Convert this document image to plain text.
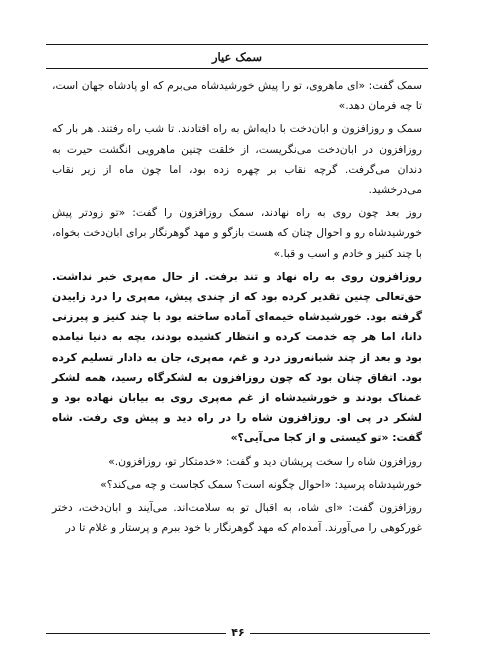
سمک عیار

سمک گفت: «ای ماهروی، تو را پیش خورشیدشاه می‌برم که او پادشاه جهان است، تا چه فرمان دهد.»

سمک و روزافزون و ابان‌دخت با دایه‌اش به راه افتادند. تا شب راه رفتند. هر بار که روزافزون در ابان‌دخت می‌نگریست، از خلقت چنین ماهرویی انگشت حیرت به دندان می‌گرفت. گرچه نقاب بر چهره زده بود، اما چون ماه از زیر نقاب می‌درخشید.

روز بعد چون روی به راه نهادند، سمک روزافزون را گفت: «تو زودتر پیش خورشیدشاه رو و احوال چنان که هست بازگو و مهد گوهرنگار برای ابان‌دخت بخواه، با چند کنیز و خادم و اسب و قبا.»

روزافزون روی به راه نهاد و تند برفت. از حال مه‌پری خبر نداشت. حق‌تعالی چنین تقدیر کرده بود که از چندی پیش، مه‌پری را درد زاییدن گرفته بود. خورشیدشاه خیمه‌ای آماده ساخته بود با چند کنیز و پیرزنی دانا، اما هر چه خدمت کرده و انتظار کشیده بودند، بچه به دنیا نیامده بود و بعد از چند شبانه‌روز درد و غم، مه‌پری، جان به دادار تسلیم کرده بود. اتفاق چنان بود که چون روزافزون به لشکرگاه رسید، همه لشکر غمناک بودند و خورشیدشاه از غم مه‌پری روی به بیابان نهاده بود و لشکر در پی او. روزافزون شاه را در راه دید و پیش وی رفت. شاه گفت: «تو کیستی و از کجا می‌آیی؟»

روزافزون شاه را سخت پریشان دید و گفت: «خدمتکار تو، روزافزون.»

خورشیدشاه پرسید: «احوال چگونه است؟ سمک کجاست و چه می‌کند؟»

روزافزون گفت: «ای شاه، به اقبال تو به سلامت‌اند. می‌آیند و ابان‌دخت، دختر غورکوهی را می‌آورند. آمده‌ام که مهد گوهرنگار با خود ببرم و پرستار و غلام تا در

۴۶
